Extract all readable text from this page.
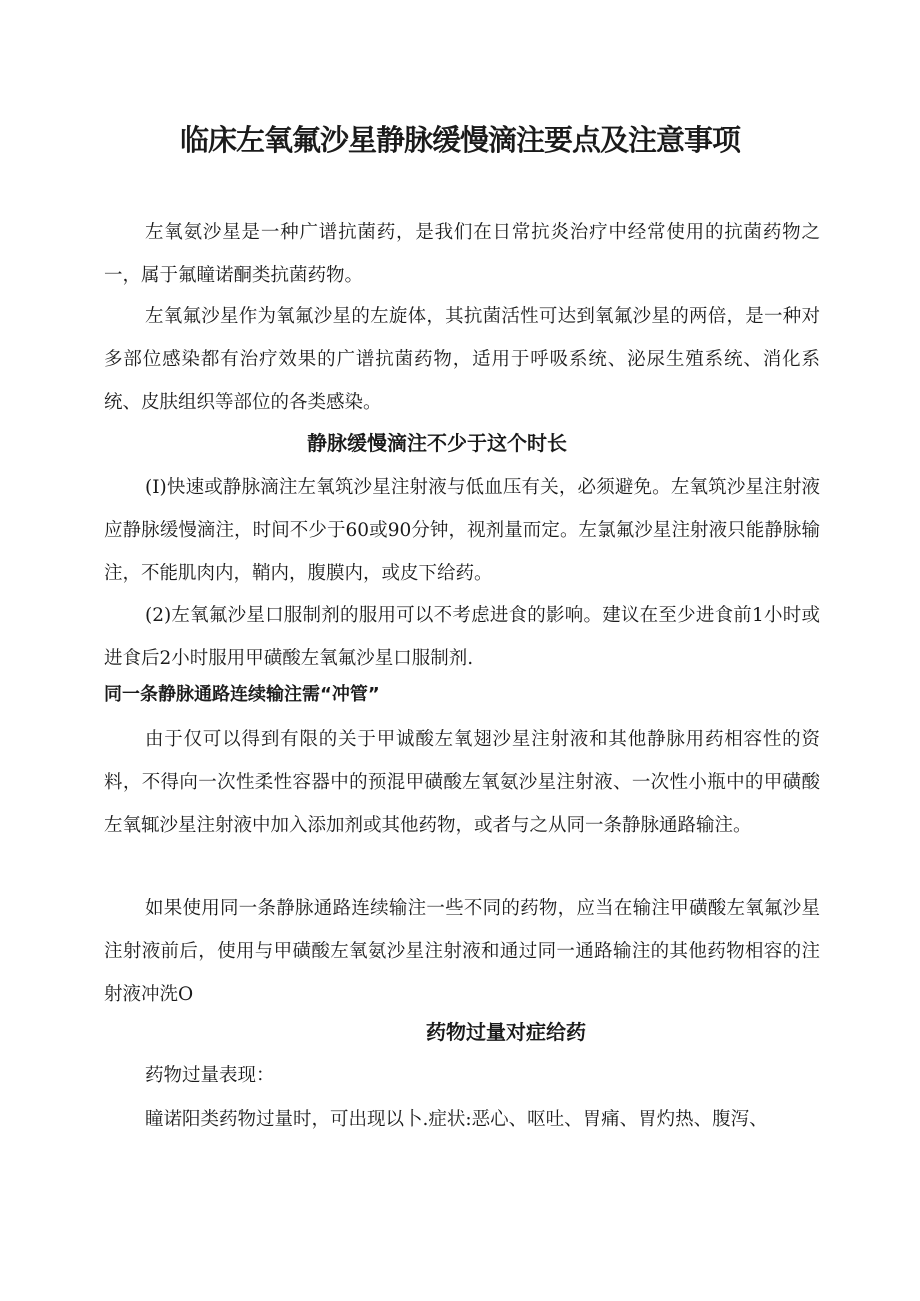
临床左氧氟沙星静脉缓慢滴注要点及注意事项

左氧氨沙星是一种广谱抗菌药，是我们在日常抗炎治疗中经常使用的抗菌药物之一，属于氟瞳诺酮类抗菌药物。

左氧氟沙星作为氧氟沙星的左旋体，其抗菌活性可达到氧氟沙星的两倍，是一种对多部位感染都有治疗效果的广谱抗菌药物，适用于呼吸系统、泌尿生殖系统、消化系统、皮肤组织等部位的各类感染。

静脉缓慢滴注不少于这个时长

(I)快速或静脉滴注左氧筑沙星注射液与低血压有关，必须避免。左氧筑沙星注射液应静脉缓慢滴注，时间不少于60或90分钟，视剂量而定。左氯氟沙星注射液只能静脉输注，不能肌肉内，鞘内，腹膜内，或皮下给药。

(2)左氧氟沙星口服制剂的服用可以不考虑进食的影响。建议在至少进食前1小时或进食后2小时服用甲磺酸左氧氟沙星口服制剂.

同一条静脉通路连续输注需“冲管”

由于仅可以得到有限的关于甲诚酸左氧翅沙星注射液和其他静脉用药相容性的资料，不得向一次性柔性容器中的预混甲磺酸左氧氨沙星注射液、一次性小瓶中的甲磺酸左氧辄沙星注射液中加入添加剂或其他药物，或者与之从同一条静脉通路输注。

如果使用同一条静脉通路连续输注一些不同的药物，应当在输注甲磺酸左氧氟沙星注射液前后，使用与甲磺酸左氧氨沙星注射液和通过同一通路输注的其他药物相容的注射液冲洗O

药物过量对症给药

药物过量表现：

瞳诺阳类药物过量时，可出现以卜.症状:恶心、呕吐、胃痛、胃灼热、腹泻、
